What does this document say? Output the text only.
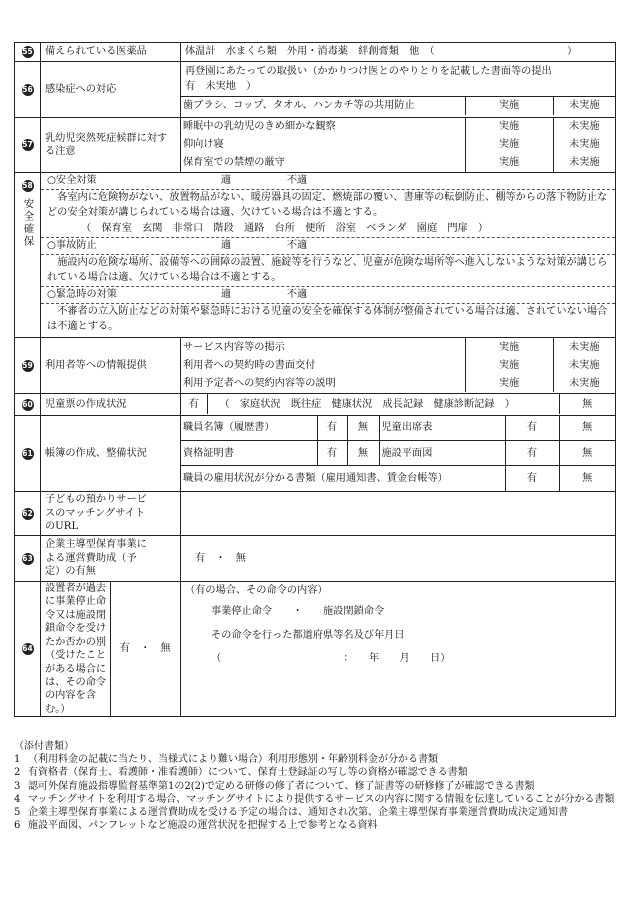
55	備えられている医薬品	体温計　水まくら類　外用・消毒薬　絆創膏類　他　（　　　　　　　　　　　　　）
56	感染症への対応	
再登園にあたっての取扱い（かかりつけ医とのやりとりを記載した書面等の提出
有　未実地　）
歯ブラシ、コップ、タオル、ハンカチ等の共用防止	実施	未実施

57	乳幼児突然死症候群に対する注意	
睡眠中の乳幼児のきめ細かな観察	実施	未実施
仰向け寝	実施	未実施
保育室での禁煙の厳守	実施	未実施

58
安全確保

○安全対策	適	不適
各室内に危険物がない、放置物品がない、暖房器具の固定、燃焼部の覆い、書庫等の転倒防止、棚等からの落下物防止などの安全対策が講じられている場合は適、欠けている場合は不適とする。
（　保育室　玄関　非常口　階段　通路　台所　便所　浴室　ベランダ　園庭　門扉　）
○事故防止	適	不適
施設内の危険な場所、設備等への囲障の設置、施錠等を行うなど、児童が危険な場所等へ進入しないような対策が講じられている場合は適、欠けている場合は不適とする。
○緊急時の対策	適	不適
不審者の立入防止などの対策や緊急時における児童の安全を確保する体制が整備されている場合は適、されていない場合は不適とする。

59	利用者等への情報提供	
サービス内容等の掲示	実施	未実施
利用者への契約時の書面交付	実施	未実施
利用予定者への契約内容等の説明	実施	未実施

60	児童票の作成状況		有	（　家庭状況　既往症　健康状況　成長記録　健康診断記録　）	無

61	帳簿の作成、整備状況	
職員名簿（履歴書）	有	無	児童出席表	有	無
資格証明書	有	無	施設平面図	有	無
職員の雇用状況が分かる書類（雇用通知書、賃金台帳等）	有	無

62	子どもの預かりサービスのマッチングサイトのURL	
63	企業主導型保育事業による運営費助成（予定）の有無	有　・　無
64	
設置者が過去に事業停止命令又は施設閉鎖命令を受けたか否かの別（受けたことがある場合には、その命令の内容を含む。）	有　・　無

（有の場合、その命令の内容）
事業停止命令　　・　　施設閉鎖命令
その命令を行った都道府県等名及び年月日
（　　　　　　　　　　　　：　　年　　月　　日）
（添付書類）
1 （利用料金の記載に当たり、当様式により難い場合）利用形態別・年齢別料金が分かる書類
2 有資格者（保育士、看護師・准看護師）について、保育士登録証の写し等の資格が確認できる書類
3 認可外保育施設指導監督基準第1の2(2)で定める研修の修了者について、修了証書等の研修修了が確認できる書類
4 マッチングサイトを利用する場合、マッチングサイトにより提供するサービスの内容に関する情報を伝達していることが分かる書類
5 企業主導型保育事業による運営費助成を受ける予定の場合は、通知され次第、企業主導型保育事業運営費助成決定通知書
6 施設平面図、パンフレットなど施設の運営状況を把握する上で参考となる資料
